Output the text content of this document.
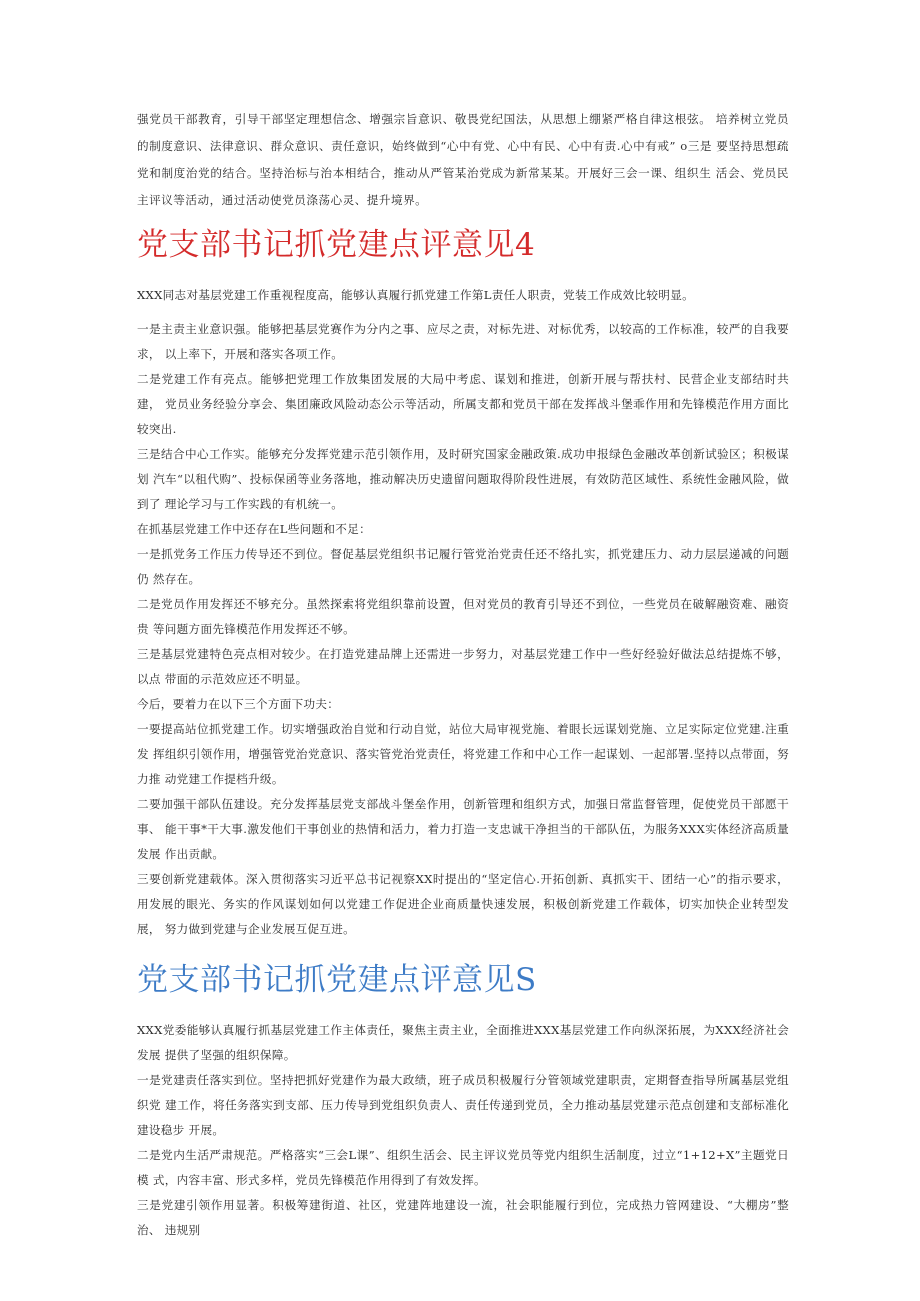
强党员干部教育，引导干部坚定理想信念、增强宗旨意识、敬畏党纪国法，从思想上绷紧严格自律这根弦。 培养树立党员的制度意识、法律意识、群众意识、责任意识，始终做到“心中有党、心中有民、心中有责.心中有戒” o三是 要坚持思想疏党和制度治党的结合。坚持治标与治本相结合，推动从严管某治党成为新常某某。开展好三会一课、组织生 活会、党员民主评议等活动，通过活动使党员涤荡心灵、提升境界。

党支部书记抓党建点评意见4

XXX同志对基层党建工作重视程度高，能够认真履行抓党建工作第L责任人职责，党装工作成效比较明显。

一是主责主业意识强。能够把基层党赛作为分内之事、应尽之责，对标先进、对标优秀，以较高的工作标准，较严的自我要求， 以上率下，开展和落实各项工作。

二是党建工作有亮点。能够把党理工作放集团发展的大局中考虑、谋划和推进，创新开展与帮扶村、民营企业支部结时共建， 党员业务经验分享会、集团廉政风险动态公示等活动，所属支都和党员干部在发挥战斗堡乖作用和先锋模范作用方面比较突出.

三是结合中心工作实。能够充分发挥党建示范引领作用，及时研究国家金融政策.成功申报绿色金融改革创新试验区；积极谋划 汽车“以租代购”、投标保函等业务落地，推动解决历史遗留问题取得阶段性进展，有效防范区域性、系统性金融风险，做到了 理论学习与工作实践的有机统一。

在抓基层党建工作中还存在L些问题和不足：

一是抓党务工作压力传导还不到位。督促基层党组织书记履行管党治党责任还不络扎实，抓党建压力、动力层层递减的问题仍 然存在。

二是党员作用发挥还不够充分。虽然探索将党组织靠前设置，但对党员的教育引导还不到位，一些党员在破解融资难、融资贵 等问题方面先锋模范作用发挥还不够。

三是基层党建特色亮点相对较少。在打造党建品牌上还需进一步努力，对基层党建工作中一些好经验好做法总结提炼不够，以点 带面的示范效应还不明显。

今后，要着力在以下三个方面下功夫：

一要提高站位抓党建工作。切实增强政治自觉和行动自觉，站位大局审视党施、着眼长远谋划党施、立足实际定位党建.注重发 挥组织引领作用，增强管党治党意识、落实管党治党责任，将党建工作和中心工作一起谋划、一起部署.坚持以点带面，努力推 动党建工作提档升级。

二要加强干部队伍建设。充分发挥基层党支部战斗堡垒作用，创新管理和组织方式，加强日常监督管理，促使党员干部愿干事、 能干事*干大事.激发他们干事创业的热情和活力，着力打造一支忠诚干净担当的干部队伍，为服务XXX实体经济高质量发展 作出贡献。

三要创新党建载体。深入贯彻落实习近平总书记视察XX时提出的“坚定信心.开拓创新、真抓实干、团结一心”的指示要求， 用发展的眼光、务实的作风谋划如何以党建工作促进企业商质量快速发展，积极创新党建工作载体，切实加快企业转型发展， 努力做到党建与企业发展互促互进。

党支部书记抓党建点评意见S

XXX党委能够认真履行抓基层党建工作主体责任，聚焦主责主业，全面推进XXX基层党建工作向纵深拓展，为XXX经济社会发展 提供了坚强的组织保障。

一是党建责任落实到位。坚持把抓好党建作为最大政绩，班子成员积极履行分管领域党建职责，定期督查指导所属基层党组织党 建工作，将任务落实到支部、压力传导到党组织负责人、责任传递到党员，全力推动基层党建示范点创建和支部标准化建设稳步 开展。

二是党内生活严肃规范。严格落实“三会L课”、组织生活会、民主评议党员等党内组织生活制度，过立“1+12+X”主题党日模 式，内容丰富、形式多样，党员先锋模范作用得到了有效发挥。

三是党建引领作用显著。积极筹建街道、社区，党建阵地建设一流，社会职能履行到位，完成热力管网建设、“大棚房”整治、 违规别
